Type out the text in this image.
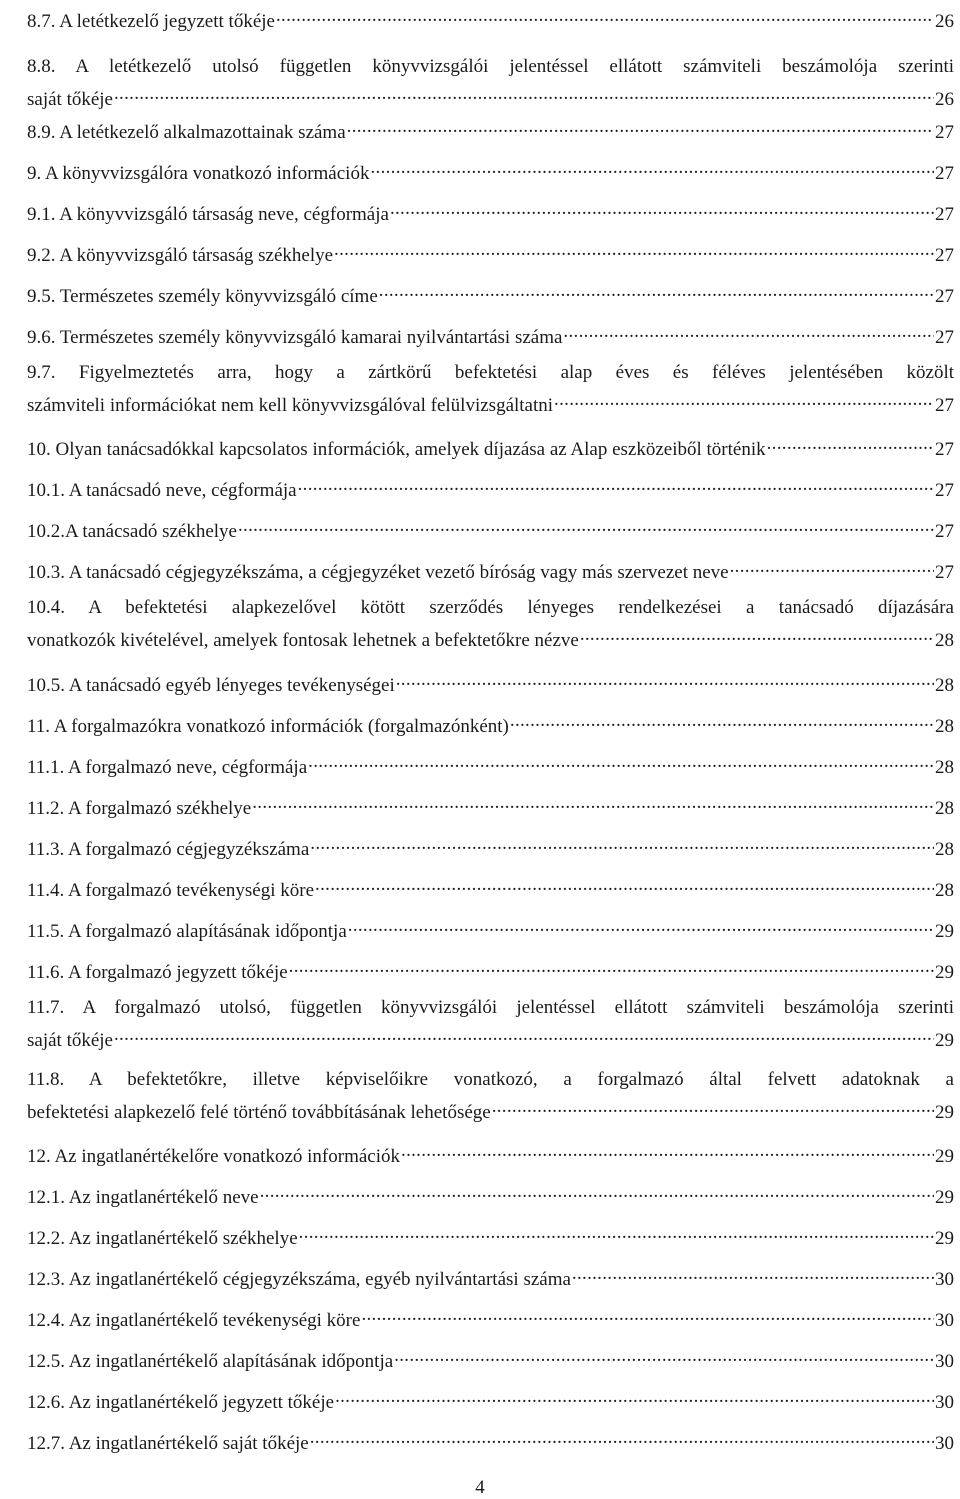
8.7. A letétkezelő jegyzett tőkéje .....	26
8.8. A letétkezelő utolsó független könyvvizsgálói jelentéssel ellátott számviteli beszámolója szerinti
saját tőkéje .....	26
8.9. A letétkezelő alkalmazottainak száma .....	27
9. A könyvvizsgálóra vonatkozó információk .....	27
9.1. A könyvvizsgáló társaság neve, cégformája .....	27
9.2. A könyvvizsgáló társaság székhelye .....	27
9.5. Természetes személy könyvvizsgáló címe .....	27
9.6. Természetes személy könyvvizsgáló kamarai nyilvántartási száma .....	27
9.7. Figyelmeztetés arra, hogy a zártkörű befektetési alap éves és féléves jelentésében közölt
számviteli információkat nem kell könyvvizsgálóval felülvizsgáltatni .....	27
10. Olyan tanácsadókkal kapcsolatos információk, amelyek díjazása az Alap eszközeiből történik .....	27
10.1. A tanácsadó neve, cégformája .....	27
10.2.A tanácsadó székhelye .....	27
10.3. A tanácsadó cégjegyzékszáma, a cégjegyzéket vezető bíróság vagy más szervezet neve .....	27
10.4. A befektetési alapkezelővel kötött szerződés lényeges rendelkezései a tanácsadó díjazására
vonatkozók kivételével, amelyek fontosak lehetnek a befektetőkre nézve .....	28
10.5. A tanácsadó egyéb lényeges tevékenységei .....	28
11. A forgalmazókra vonatkozó információk (forgalmazónként) .....	28
11.1. A forgalmazó neve, cégformája .....	28
11.2. A forgalmazó székhelye .....	28
11.3. A forgalmazó cégjegyzékszáma .....	28
11.4. A forgalmazó tevékenységi köre .....	28
11.5. A forgalmazó alapításának időpontja .....	29
11.6. A forgalmazó jegyzett tőkéje .....	29
11.7. A forgalmazó utolsó, független könyvvizsgálói jelentéssel ellátott számviteli beszámolója szerinti
saját tőkéje .....	29
11.8. A befektetőkre, illetve képviselőikre vonatkozó, a forgalmazó által felvett adatoknak a
befektetési alapkezelő felé történő továbbításának lehetősége .....	29
12. Az ingatlanértékelőre vonatkozó információk .....	29
12.1. Az ingatlanértékelő neve .....	29
12.2. Az ingatlanértékelő székhelye .....	29
12.3. Az ingatlanértékelő cégjegyzékszáma, egyéb nyilvántartási száma .....	30
12.4. Az ingatlanértékelő tevékenységi köre .....	30
12.5. Az ingatlanértékelő alapításának időpontja .....	30
12.6. Az ingatlanértékelő jegyzett tőkéje .....	30
12.7. Az ingatlanértékelő saját tőkéje .....	30
4
